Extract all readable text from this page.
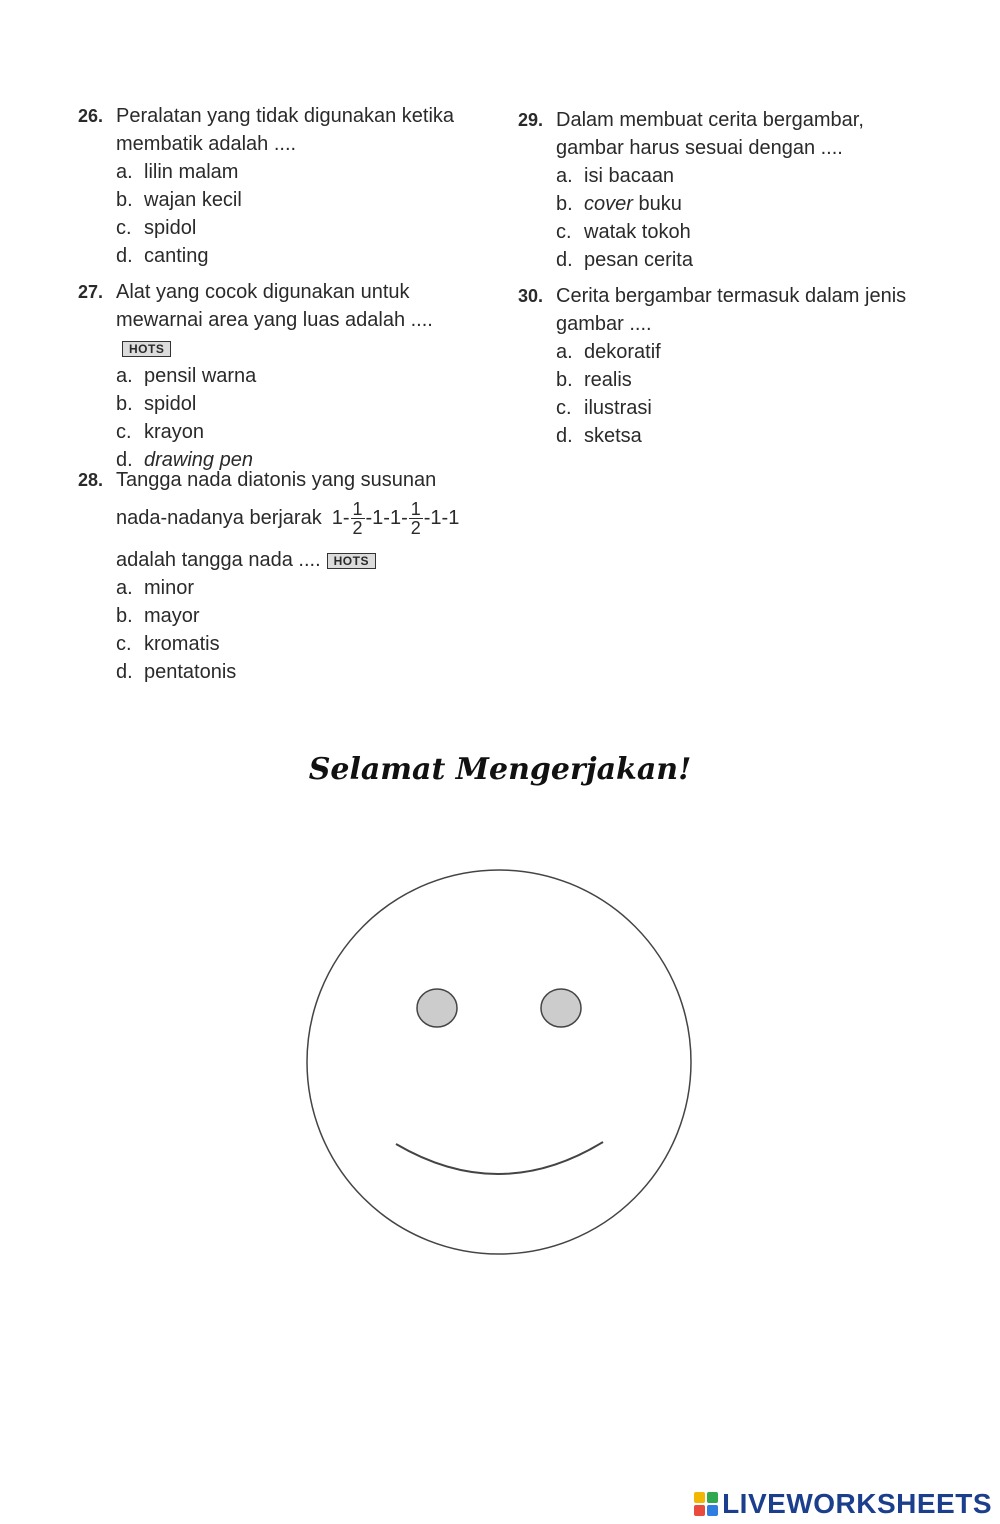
26. Peralatan yang tidak digunakan ketika membatik adalah ....
a. lilin malam
b. wajan kecil
c. spidol
d. canting
27. Alat yang cocok digunakan untuk mewarnai area yang luas adalah ....HOTS
a. pensil warna
b. spidol
c. krayon
d. drawing pen
28. Tangga nada diatonis yang susunan
nada-nadanya berjarak $1- \frac{1}{2} -1-1- \frac{1}{2} -1-1$
adalah tangga nada .... HOTS
a. minor
b. mayor
c. kromatis
d. pentatonis
29. Dalam membuat cerita bergambar, gambar harus sesuai dengan ....
a. isi bacaan
b. cover buku
c. watak tokoh
d. pesan cerita
30. Cerita bergambar termasuk dalam jenis gambar ....
a. dekoratif
b. realis
c. ilustrasi
d. sketsa
Selamat Mengerjakan!
LIVEWORKSHEETS
